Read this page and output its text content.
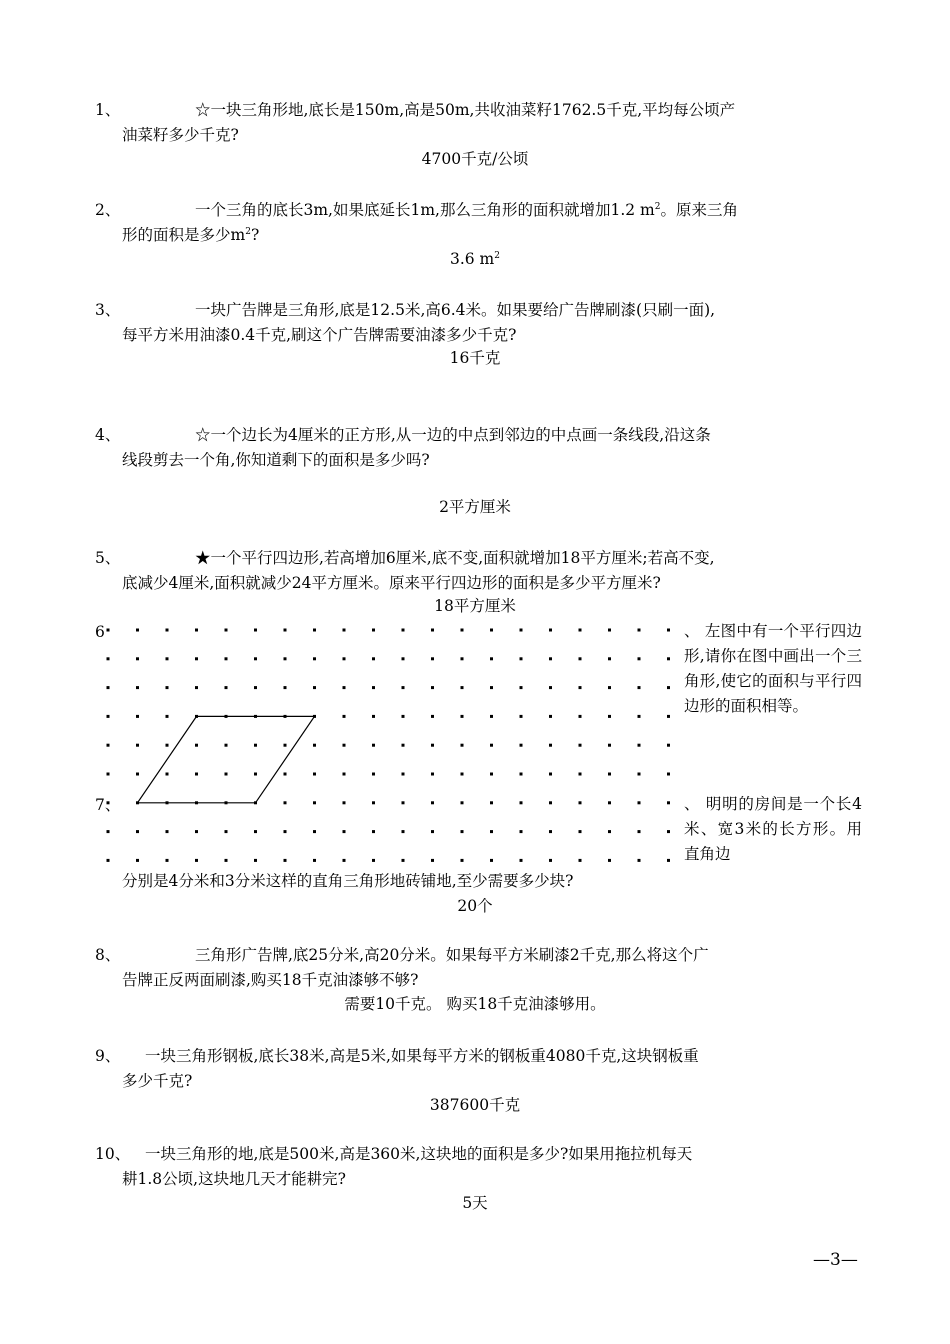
1、	☆一块三角形地,底长是150m,高是50m,共收油菜籽1762.5千克,平均每公顷产
油菜籽多少千克?
4700千克/公顷
2、	一个三角的底长3m,如果底延长1m,那么三角形的面积就增加1.2 $m^2$。原来三角
形的面积是多少$m^2$?
3.6 $m^2$
3、	一块广告牌是三角形,底是12.5米,高6.4米。如果要给广告牌刷漆(只刷一面),
每平方米用油漆0.4千克,刷这个广告牌需要油漆多少千克?
16千克
4、	☆一个边长为4厘米的正方形,从一边的中点到邻边的中点画一条线段,沿这条
线段剪去一个角,你知道剩下的面积是多少吗?
2平方厘米
5、	★一个平行四边形,若高增加6厘米,底不变,面积就增加18平方厘米;若高不变,
底减少4厘米,面积就减少24平方厘米。原来平行四边形的面积是多少平方厘米?
18平方厘米
6	、 左图中有一个平行四边形,请你在图中画出一个三角形,使它的面积与平行四边形的面积相等。
7、	、 明明的房间是一个长4米、宽3米的长方形。用直角边
分别是4分米和3分米这样的直角三角形地砖铺地,至少需要多少块?
20个
8、	三角形广告牌,底25分米,高20分米。如果每平方米刷漆2千克,那么将这个广
告牌正反两面刷漆,购买18千克油漆够不够?
需要10千克。 购买18千克油漆够用。
9、 一块三角形钢板,底长38米,高是5米,如果每平方米的钢板重4080千克,这块钢板重
多少千克?
387600千克
10、 一块三角形的地,底是500米,高是360米,这块地的面积是多少?如果用拖拉机每天
耕1.8公顷,这块地几天才能耕完?
5天
—3—
